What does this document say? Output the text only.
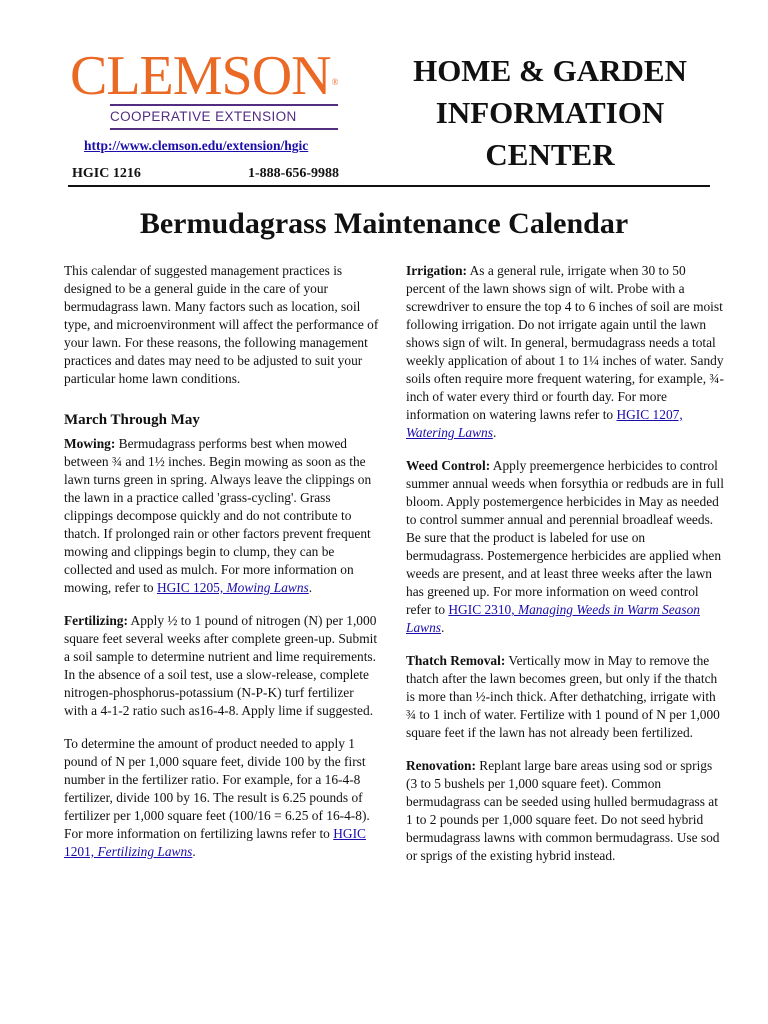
CLEMSON®
COOPERATIVE EXTENSION
http://www.clemson.edu/extension/hgic
HGIC 1216	1-888-656-9988
HOME & GARDEN
INFORMATION
CENTER
Bermudagrass Maintenance Calendar

This calendar of suggested management practices is designed to be a general guide in the care of your bermudagrass lawn. Many factors such as location, soil type, and microenvironment will affect the performance of your lawn. For these reasons, the following management practices and dates may need to be adjusted to suit your particular home lawn conditions.

March Through May

Mowing: Bermudagrass performs best when mowed between ¾ and 1½ inches. Begin mowing as soon as the lawn turns green in spring. Always leave the clippings on the lawn in a practice called 'grass-cycling'. Grass clippings decompose quickly and do not contribute to thatch. If prolonged rain or other factors prevent frequent mowing and clippings begin to clump, they can be collected and used as mulch. For more information on mowing, refer to HGIC 1205, Mowing Lawns.

Fertilizing: Apply ½ to 1 pound of nitrogen (N) per 1,000 square feet several weeks after complete green-up. Submit a soil sample to determine nutrient and lime requirements. In the absence of a soil test, use a slow-release, complete nitrogen-phosphorus-potassium (N-P-K) turf fertilizer with a 4-1-2 ratio such as16-4-8. Apply lime if suggested.

To determine the amount of product needed to apply 1 pound of N per 1,000 square feet, divide 100 by the first number in the fertilizer ratio. For example, for a 16-4-8 fertilizer, divide 100 by 16. The result is 6.25 pounds of fertilizer per 1,000 square feet (100/16 = 6.25 of 16-4-8). For more information on fertilizing lawns refer to HGIC 1201, Fertilizing Lawns.

Irrigation: As a general rule, irrigate when 30 to 50 percent of the lawn shows sign of wilt. Probe with a screwdriver to ensure the top 4 to 6 inches of soil are moist following irrigation. Do not irrigate again until the lawn shows sign of wilt. In general, bermudagrass needs a total weekly application of about 1 to 1¼ inches of water. Sandy soils often require more frequent watering, for example, ¾-inch of water every third or fourth day. For more information on watering lawns refer to HGIC 1207, Watering Lawns.

Weed Control: Apply preemergence herbicides to control summer annual weeds when forsythia or redbuds are in full bloom. Apply postemergence herbicides in May as needed to control summer annual and perennial broadleaf weeds. Be sure that the product is labeled for use on bermudagrass. Postemergence herbicides are applied when weeds are present, and at least three weeks after the lawn has greened up. For more information on weed control refer to HGIC 2310, Managing Weeds in Warm Season Lawns.

Thatch Removal: Vertically mow in May to remove the thatch after the lawn becomes green, but only if the thatch is more than ½-inch thick. After dethatching, irrigate with ¾ to 1 inch of water. Fertilize with 1 pound of N per 1,000 square feet if the lawn has not already been fertilized.

Renovation: Replant large bare areas using sod or sprigs (3 to 5 bushels per 1,000 square feet). Common bermudagrass can be seeded using hulled bermudagrass at 1 to 2 pounds per 1,000 square feet. Do not seed hybrid bermudagrass lawns with common bermudagrass. Use sod or sprigs of the existing hybrid instead.
